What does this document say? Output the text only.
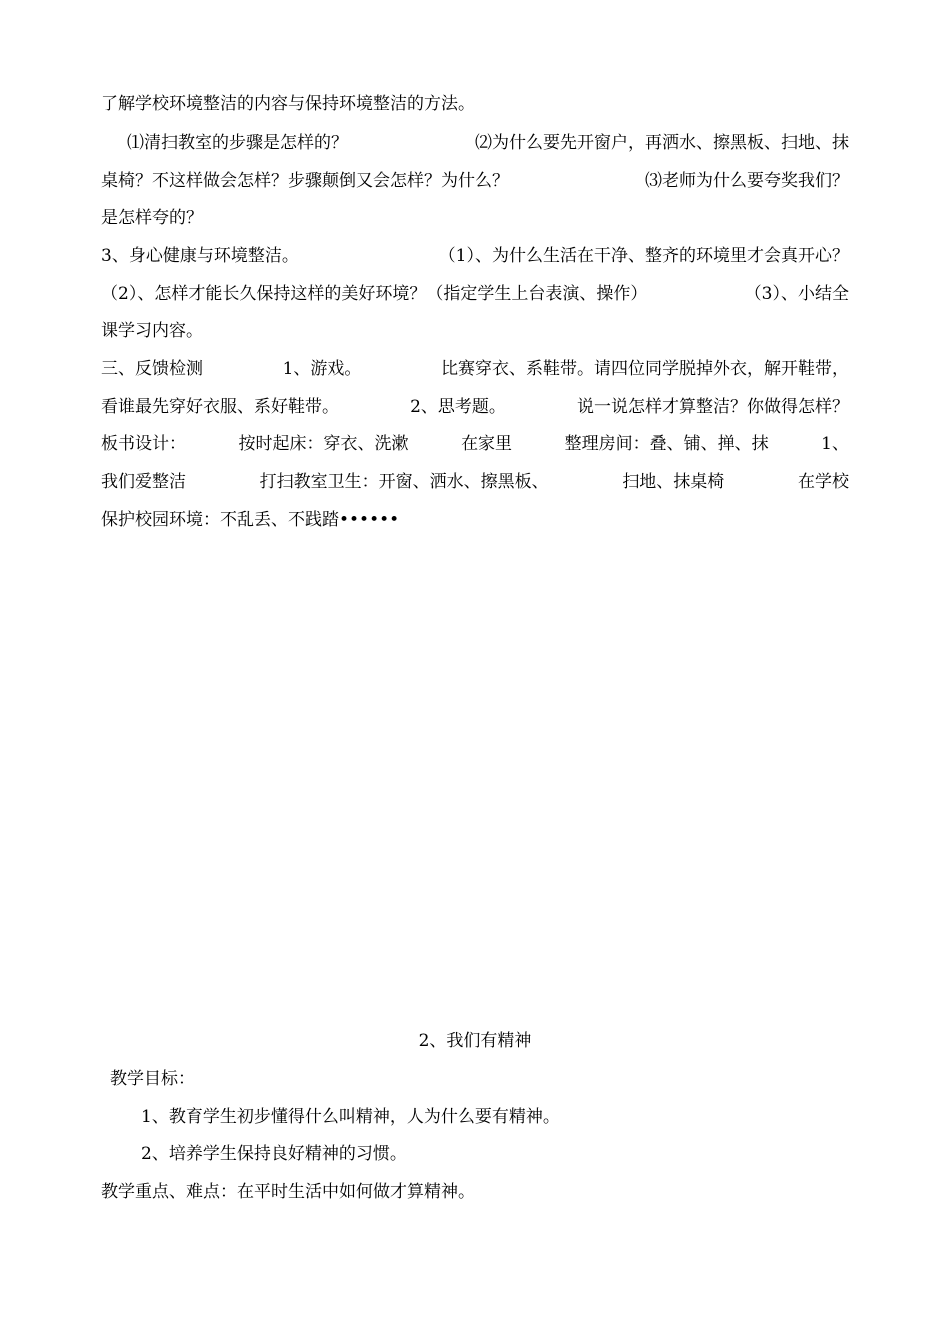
了解学校环境整洁的内容与保持环境整洁的方法。
⑴清扫教室的步骤是怎样的？	⑵为什么要先开窗户，再洒水、擦黑板、扫地、抹
桌椅？不这样做会怎样？步骤颠倒又会怎样？为什么？	⑶老师为什么要夸奖我们？
是怎样夸的？
3、身心健康与环境整洁。	（1）、为什么生活在干净、整齐的环境里才会真开心？
（2）、怎样才能长久保持这样的美好环境？（指定学生上台表演、操作）	（3）、小结全
课学习内容。
三、反馈检测	1、游戏。	比赛穿衣、系鞋带。请四位同学脱掉外衣，解开鞋带，
看谁最先穿好衣服、系好鞋带。	2、思考题。	说一说怎样才算整洁？你做得怎样？
板书设计：	按时起床：穿衣、洗漱	在家里	整理房间：叠、铺、掸、抹	1、
我们爱整洁	打扫教室卫生：开窗、洒水、擦黑板、	扫地、抹桌椅	在学校
保护校园环境：不乱丢、不践踏••••••
2、我们有精神
教学目标：
1、教育学生初步懂得什么叫精神，人为什么要有精神。
2、培养学生保持良好精神的习惯。
教学重点、难点：在平时生活中如何做才算精神。
